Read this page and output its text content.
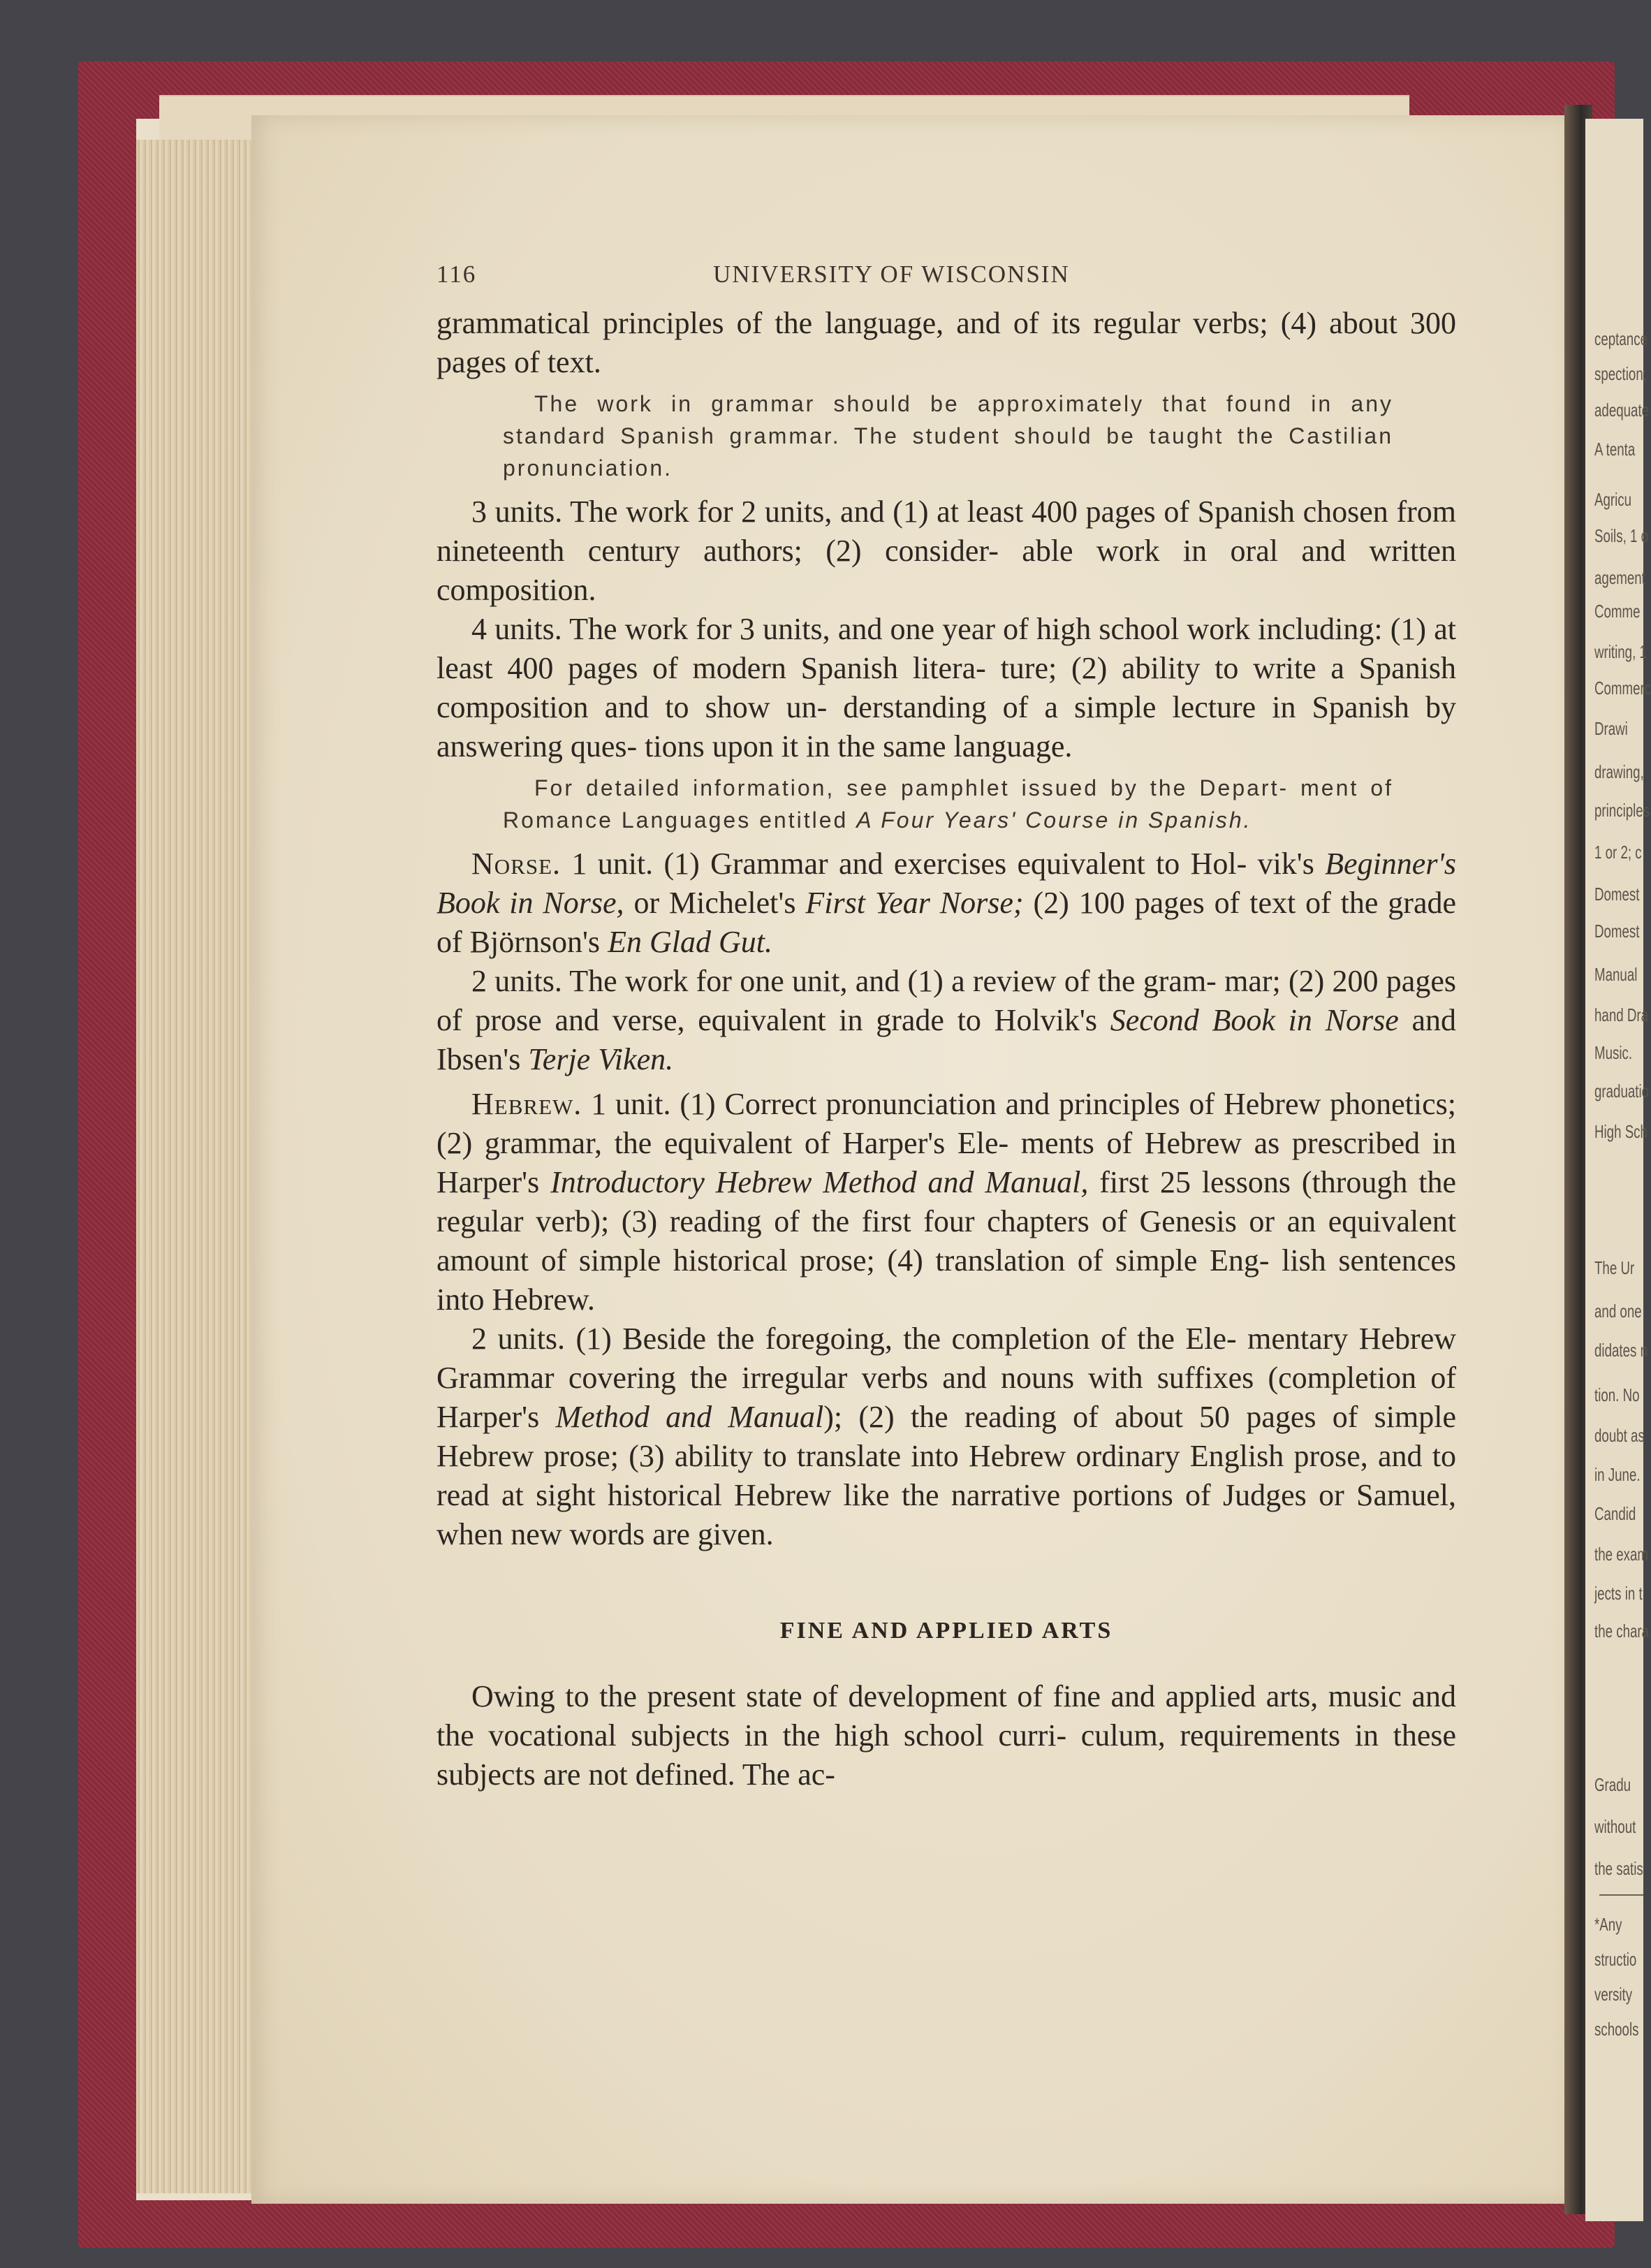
ceptance
spection;
adequate
A tenta
Agricu
Soils, 1 o
agement
Comme
writing, 1
Commerc
Drawi
drawing,
principles
1 or 2; c
Domest
Domest
Manual
hand Dra
Music.
graduatio
High Sch
The Ur
and one
didates n
tion. No
doubt as
in June.
Candid
the exam
jects in t
the chara
Gradu
without
the satis
*Any
structio
versity
schools
116	UNIVERSITY OF WISCONSIN

grammatical principles of the language, and of its regular verbs; (4) about 300 pages of text.

The work in grammar should be approximately that found in any standard Spanish grammar. The student should be taught the Castilian pronunciation.

3 units. The work for 2 units, and (1) at least 400 pages of Spanish chosen from nineteenth century authors; (2) consider- able work in oral and written composition.

4 units. The work for 3 units, and one year of high school work including: (1) at least 400 pages of modern Spanish litera- ture; (2) ability to write a Spanish composition and to show un- derstanding of a simple lecture in Spanish by answering ques- tions upon it in the same language.

For detailed information, see pamphlet issued by the Depart- ment of Romance Languages entitled A Four Years' Course in Spanish.

Norse. 1 unit. (1) Grammar and exercises equivalent to Hol- vik's Beginner's Book in Norse, or Michelet's First Year Norse; (2) 100 pages of text of the grade of Björnson's En Glad Gut.

2 units. The work for one unit, and (1) a review of the gram- mar; (2) 200 pages of prose and verse, equivalent in grade to Holvik's Second Book in Norse and Ibsen's Terje Viken.

Hebrew. 1 unit. (1) Correct pronunciation and principles of Hebrew phonetics; (2) grammar, the equivalent of Harper's Ele- ments of Hebrew as prescribed in Harper's Introductory Hebrew Method and Manual, first 25 lessons (through the regular verb); (3) reading of the first four chapters of Genesis or an equivalent amount of simple historical prose; (4) translation of simple Eng- lish sentences into Hebrew.

2 units. (1) Beside the foregoing, the completion of the Ele- mentary Hebrew Grammar covering the irregular verbs and nouns with suffixes (completion of Harper's Method and Manual); (2) the reading of about 50 pages of simple Hebrew prose; (3) ability to translate into Hebrew ordinary English prose, and to read at sight historical Hebrew like the narrative portions of Judges or Samuel, when new words are given.

FINE AND APPLIED ARTS

Owing to the present state of development of fine and applied arts, music and the vocational subjects in the high school curri- culum, requirements in these subjects are not defined. The ac-
